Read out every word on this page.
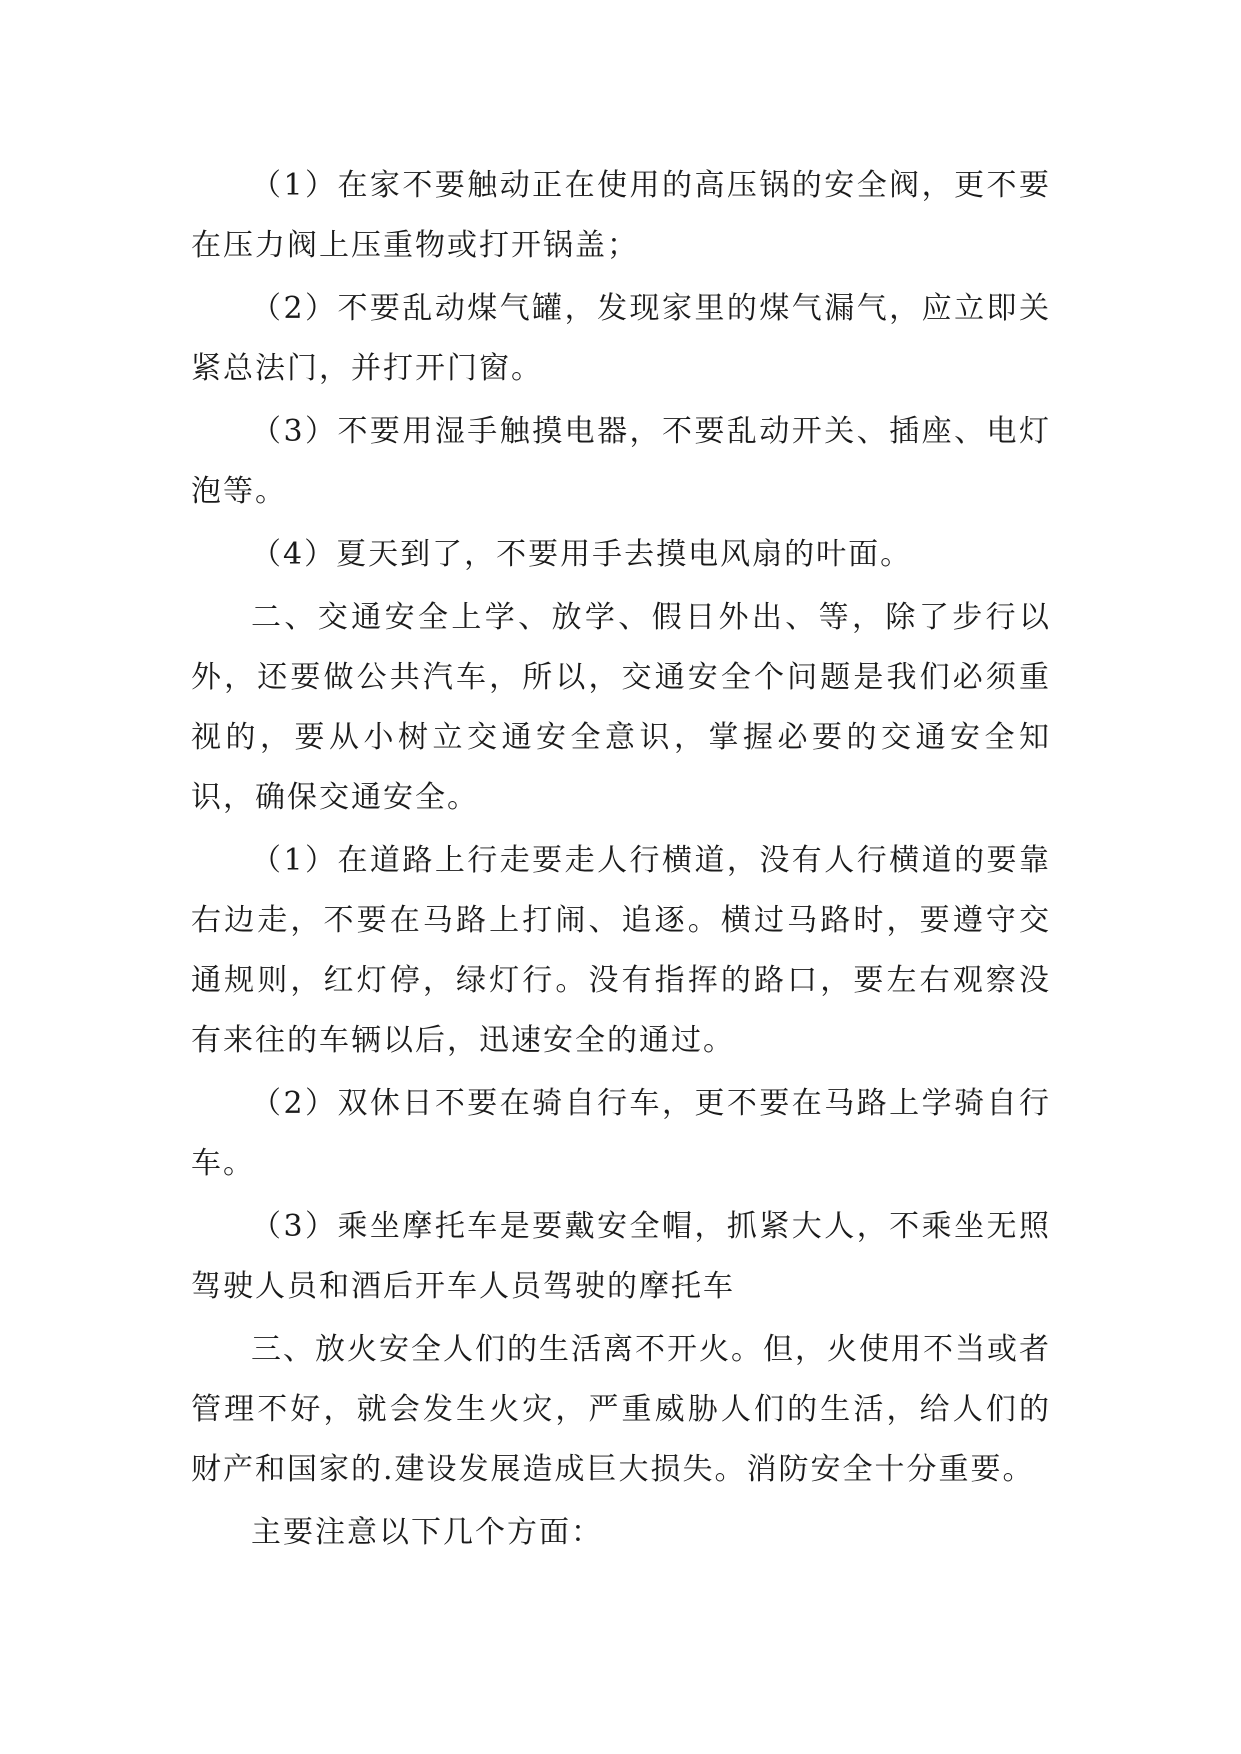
（1）在家不要触动正在使用的高压锅的安全阀，更不要在压力阀上压重物或打开锅盖；

（2）不要乱动煤气罐，发现家里的煤气漏气，应立即关紧总法门，并打开门窗。

（3）不要用湿手触摸电器，不要乱动开关、插座、电灯泡等。

（4）夏天到了，不要用手去摸电风扇的叶面。

二、交通安全上学、放学、假日外出、等，除了步行以外，还要做公共汽车，所以，交通安全个问题是我们必须重视的，要从小树立交通安全意识，掌握必要的交通安全知识，确保交通安全。

（1）在道路上行走要走人行横道，没有人行横道的要靠右边走，不要在马路上打闹、追逐。横过马路时，要遵守交通规则，红灯停，绿灯行。没有指挥的路口，要左右观察没有来往的车辆以后，迅速安全的通过。

（2）双休日不要在骑自行车，更不要在马路上学骑自行车。

（3）乘坐摩托车是要戴安全帽，抓紧大人，不乘坐无照驾驶人员和酒后开车人员驾驶的摩托车

三、放火安全人们的生活离不开火。但，火使用不当或者管理不好，就会发生火灾，严重威胁人们的生活，给人们的财产和国家的.建设发展造成巨大损失。消防安全十分重要。

主要注意以下几个方面：
